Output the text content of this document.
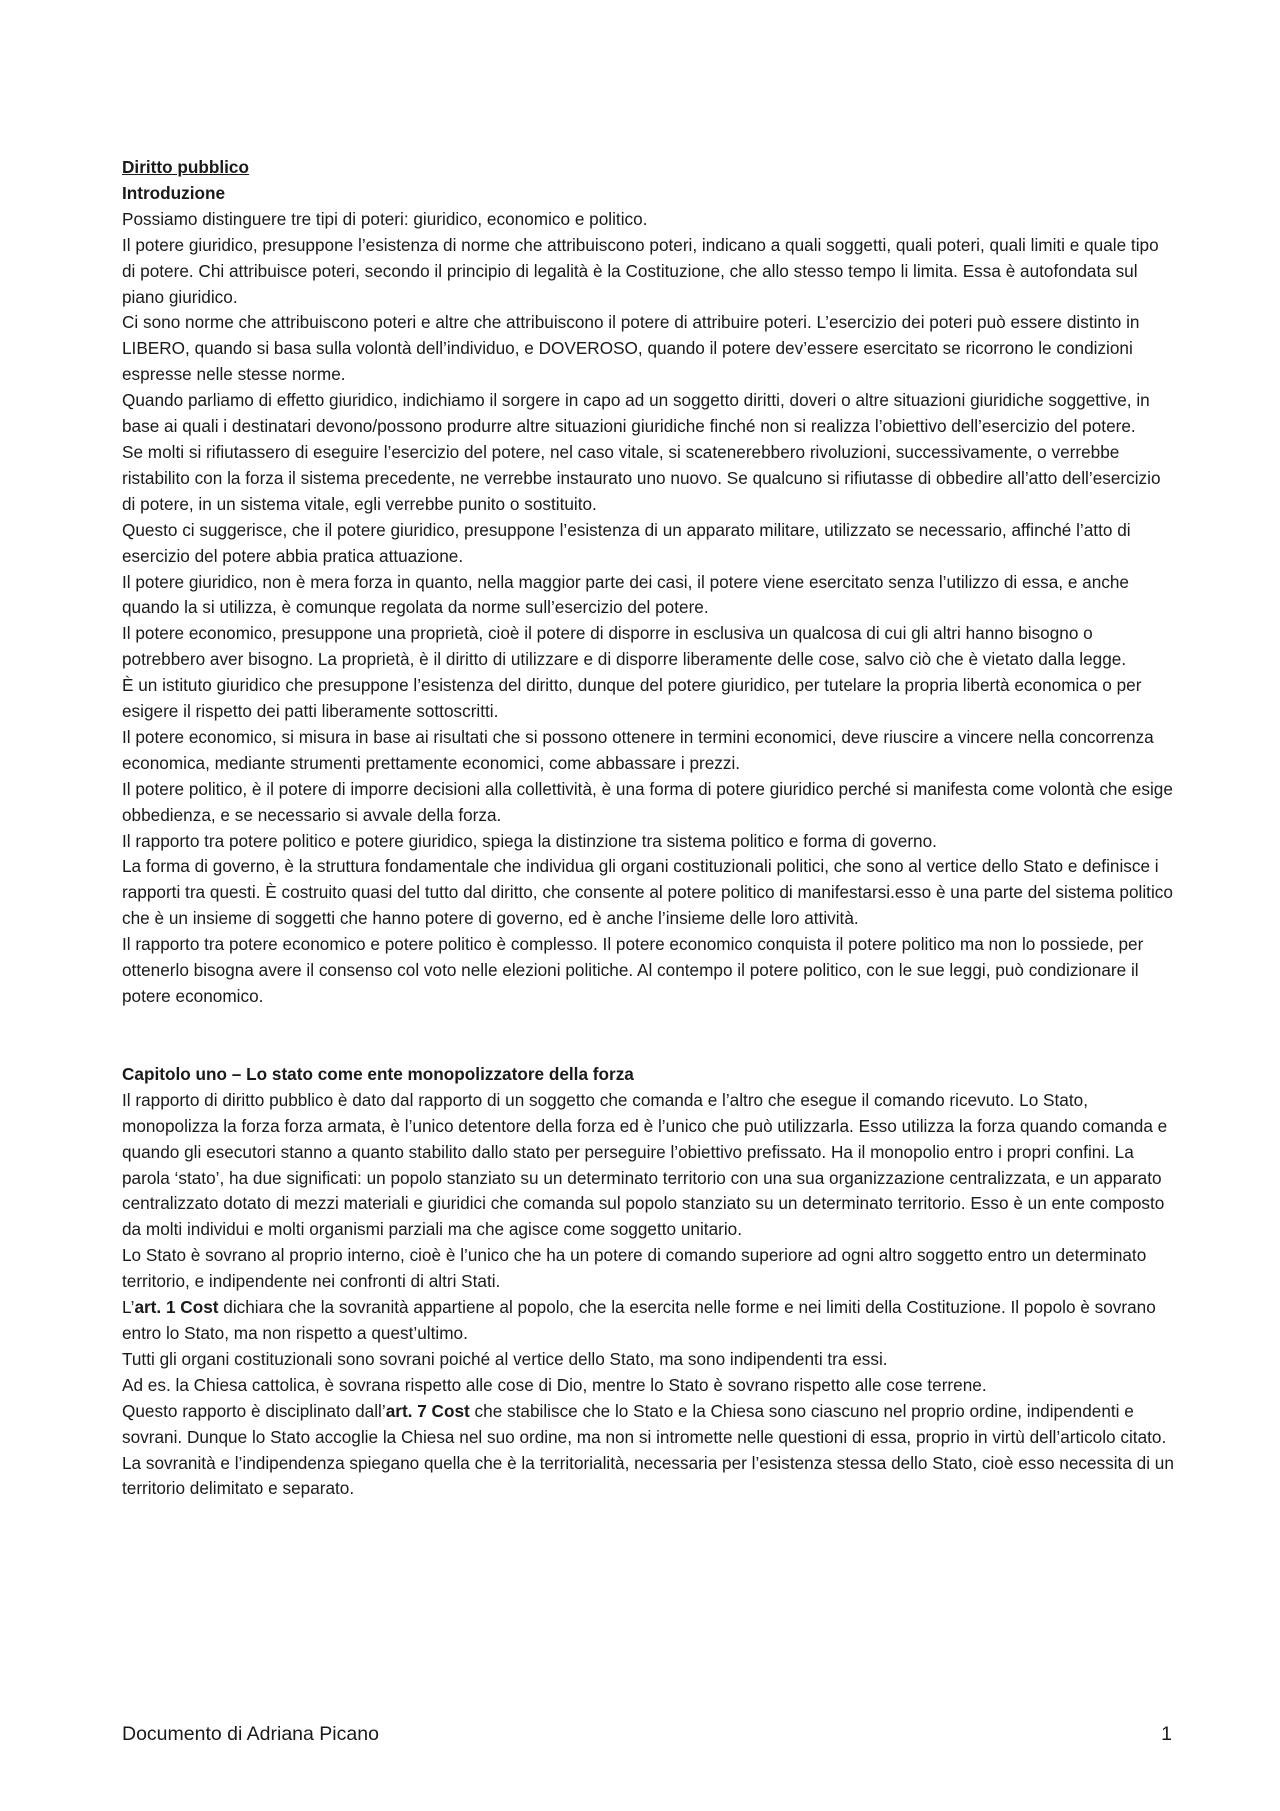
Diritto pubblico

Introduzione

Possiamo distinguere tre tipi di poteri: giuridico, economico e politico.

Il potere giuridico, presuppone l’esistenza di norme che attribuiscono poteri, indicano a quali soggetti, quali poteri, quali limiti e quale tipo di potere. Chi attribuisce poteri, secondo il principio di legalità è la Costituzione, che allo stesso tempo li limita. Essa è autofondata sul piano giuridico.

Ci sono norme che attribuiscono poteri e altre che attribuiscono il potere di attribuire poteri. L’esercizio dei poteri può essere distinto in LIBERO, quando si basa sulla volontà dell’individuo, e DOVEROSO, quando il potere dev’essere esercitato se ricorrono le condizioni espresse nelle stesse norme.

Quando parliamo di effetto giuridico, indichiamo il sorgere in capo ad un soggetto diritti, doveri o altre situazioni giuridiche soggettive, in base ai quali i destinatari devono/possono produrre altre situazioni giuridiche finché non si realizza l’obiettivo dell’esercizio del potere.

Se molti si rifiutassero di eseguire l’esercizio del potere, nel caso vitale, si scatenerebbero rivoluzioni, successivamente, o verrebbe ristabilito con la forza il sistema precedente, ne verrebbe instaurato uno nuovo. Se qualcuno si rifiutasse di obbedire all’atto dell’esercizio di potere, in un sistema vitale, egli verrebbe punito o sostituito.

Questo ci suggerisce, che il potere giuridico, presuppone l’esistenza di un apparato militare, utilizzato se necessario, affinché l’atto di esercizio del potere abbia pratica attuazione.

Il potere giuridico, non è mera forza in quanto, nella maggior parte dei casi, il potere viene esercitato senza l’utilizzo di essa, e anche quando la si utilizza, è comunque regolata da norme sull’esercizio del potere.

Il potere economico, presuppone una proprietà, cioè il potere di disporre in esclusiva un qualcosa di cui gli altri hanno bisogno o potrebbero aver bisogno. La proprietà, è il diritto di utilizzare e di disporre liberamente delle cose, salvo ciò che è vietato dalla legge.

È un istituto giuridico che presuppone l’esistenza del diritto, dunque del potere giuridico, per tutelare la propria libertà economica o per esigere il rispetto dei patti liberamente sottoscritti.

Il potere economico, si misura in base ai risultati che si possono ottenere in termini economici, deve riuscire a vincere nella concorrenza economica, mediante strumenti prettamente economici, come abbassare i prezzi.

Il potere politico, è il potere di imporre decisioni alla collettività, è una forma di potere giuridico perché si manifesta come volontà che esige obbedienza, e se necessario si avvale della forza.

Il rapporto tra potere politico e potere giuridico, spiega la distinzione tra sistema politico e forma di governo.

La forma di governo, è la struttura fondamentale che individua gli organi costituzionali politici, che sono al vertice dello Stato e definisce i rapporti tra questi. È costruito quasi del tutto dal diritto, che consente al potere politico di manifestarsi.esso è una parte del sistema politico che è un insieme di soggetti che hanno potere di governo, ed è anche l’insieme delle loro attività.

Il rapporto tra potere economico e potere politico è complesso. Il potere economico conquista il potere politico ma non lo possiede, per ottenerlo bisogna avere il consenso col voto nelle elezioni politiche. Al contempo il potere politico, con le sue leggi, può condizionare il potere economico.

Capitolo uno – Lo stato come ente monopolizzatore della forza

Il rapporto di diritto pubblico è dato dal rapporto di un soggetto che comanda e l’altro che esegue il comando ricevuto. Lo Stato, monopolizza la forza forza armata, è l’unico detentore della forza ed è l’unico che può utilizzarla. Esso utilizza la forza quando comanda e quando gli esecutori stanno a quanto stabilito dallo stato per perseguire l’obiettivo prefissato. Ha il monopolio entro i propri confini. La parola ‘stato’, ha due significati: un popolo stanziato su un determinato territorio con una sua organizzazione centralizzata, e un apparato centralizzato dotato di mezzi materiali e giuridici che comanda sul popolo stanziato su un determinato territorio. Esso è un ente composto da molti individui e molti organismi parziali ma che agisce come soggetto unitario.

Lo Stato è sovrano al proprio interno, cioè è l’unico che ha un potere di comando superiore ad ogni altro soggetto entro un determinato territorio, e indipendente nei confronti di altri Stati.

L’art. 1 Cost dichiara che la sovranità appartiene al popolo, che la esercita nelle forme e nei limiti della Costituzione. Il popolo è sovrano entro lo Stato, ma non rispetto a quest’ultimo.

Tutti gli organi costituzionali sono sovrani poiché al vertice dello Stato, ma sono indipendenti tra essi.

Ad es. la Chiesa cattolica, è sovrana rispetto alle cose di Dio, mentre lo Stato è sovrano rispetto alle cose terrene.

Questo rapporto è disciplinato dall’art. 7 Cost che stabilisce che lo Stato e la Chiesa sono ciascuno nel proprio ordine, indipendenti e sovrani. Dunque lo Stato accoglie la Chiesa nel suo ordine, ma non si intromette nelle questioni di essa, proprio in virtù dell’articolo citato.

La sovranità e l’indipendenza spiegano quella che è la territorialità, necessaria per l’esistenza stessa dello Stato, cioè esso necessita di un territorio delimitato e separato.

Documento di Adriana Picano	1
